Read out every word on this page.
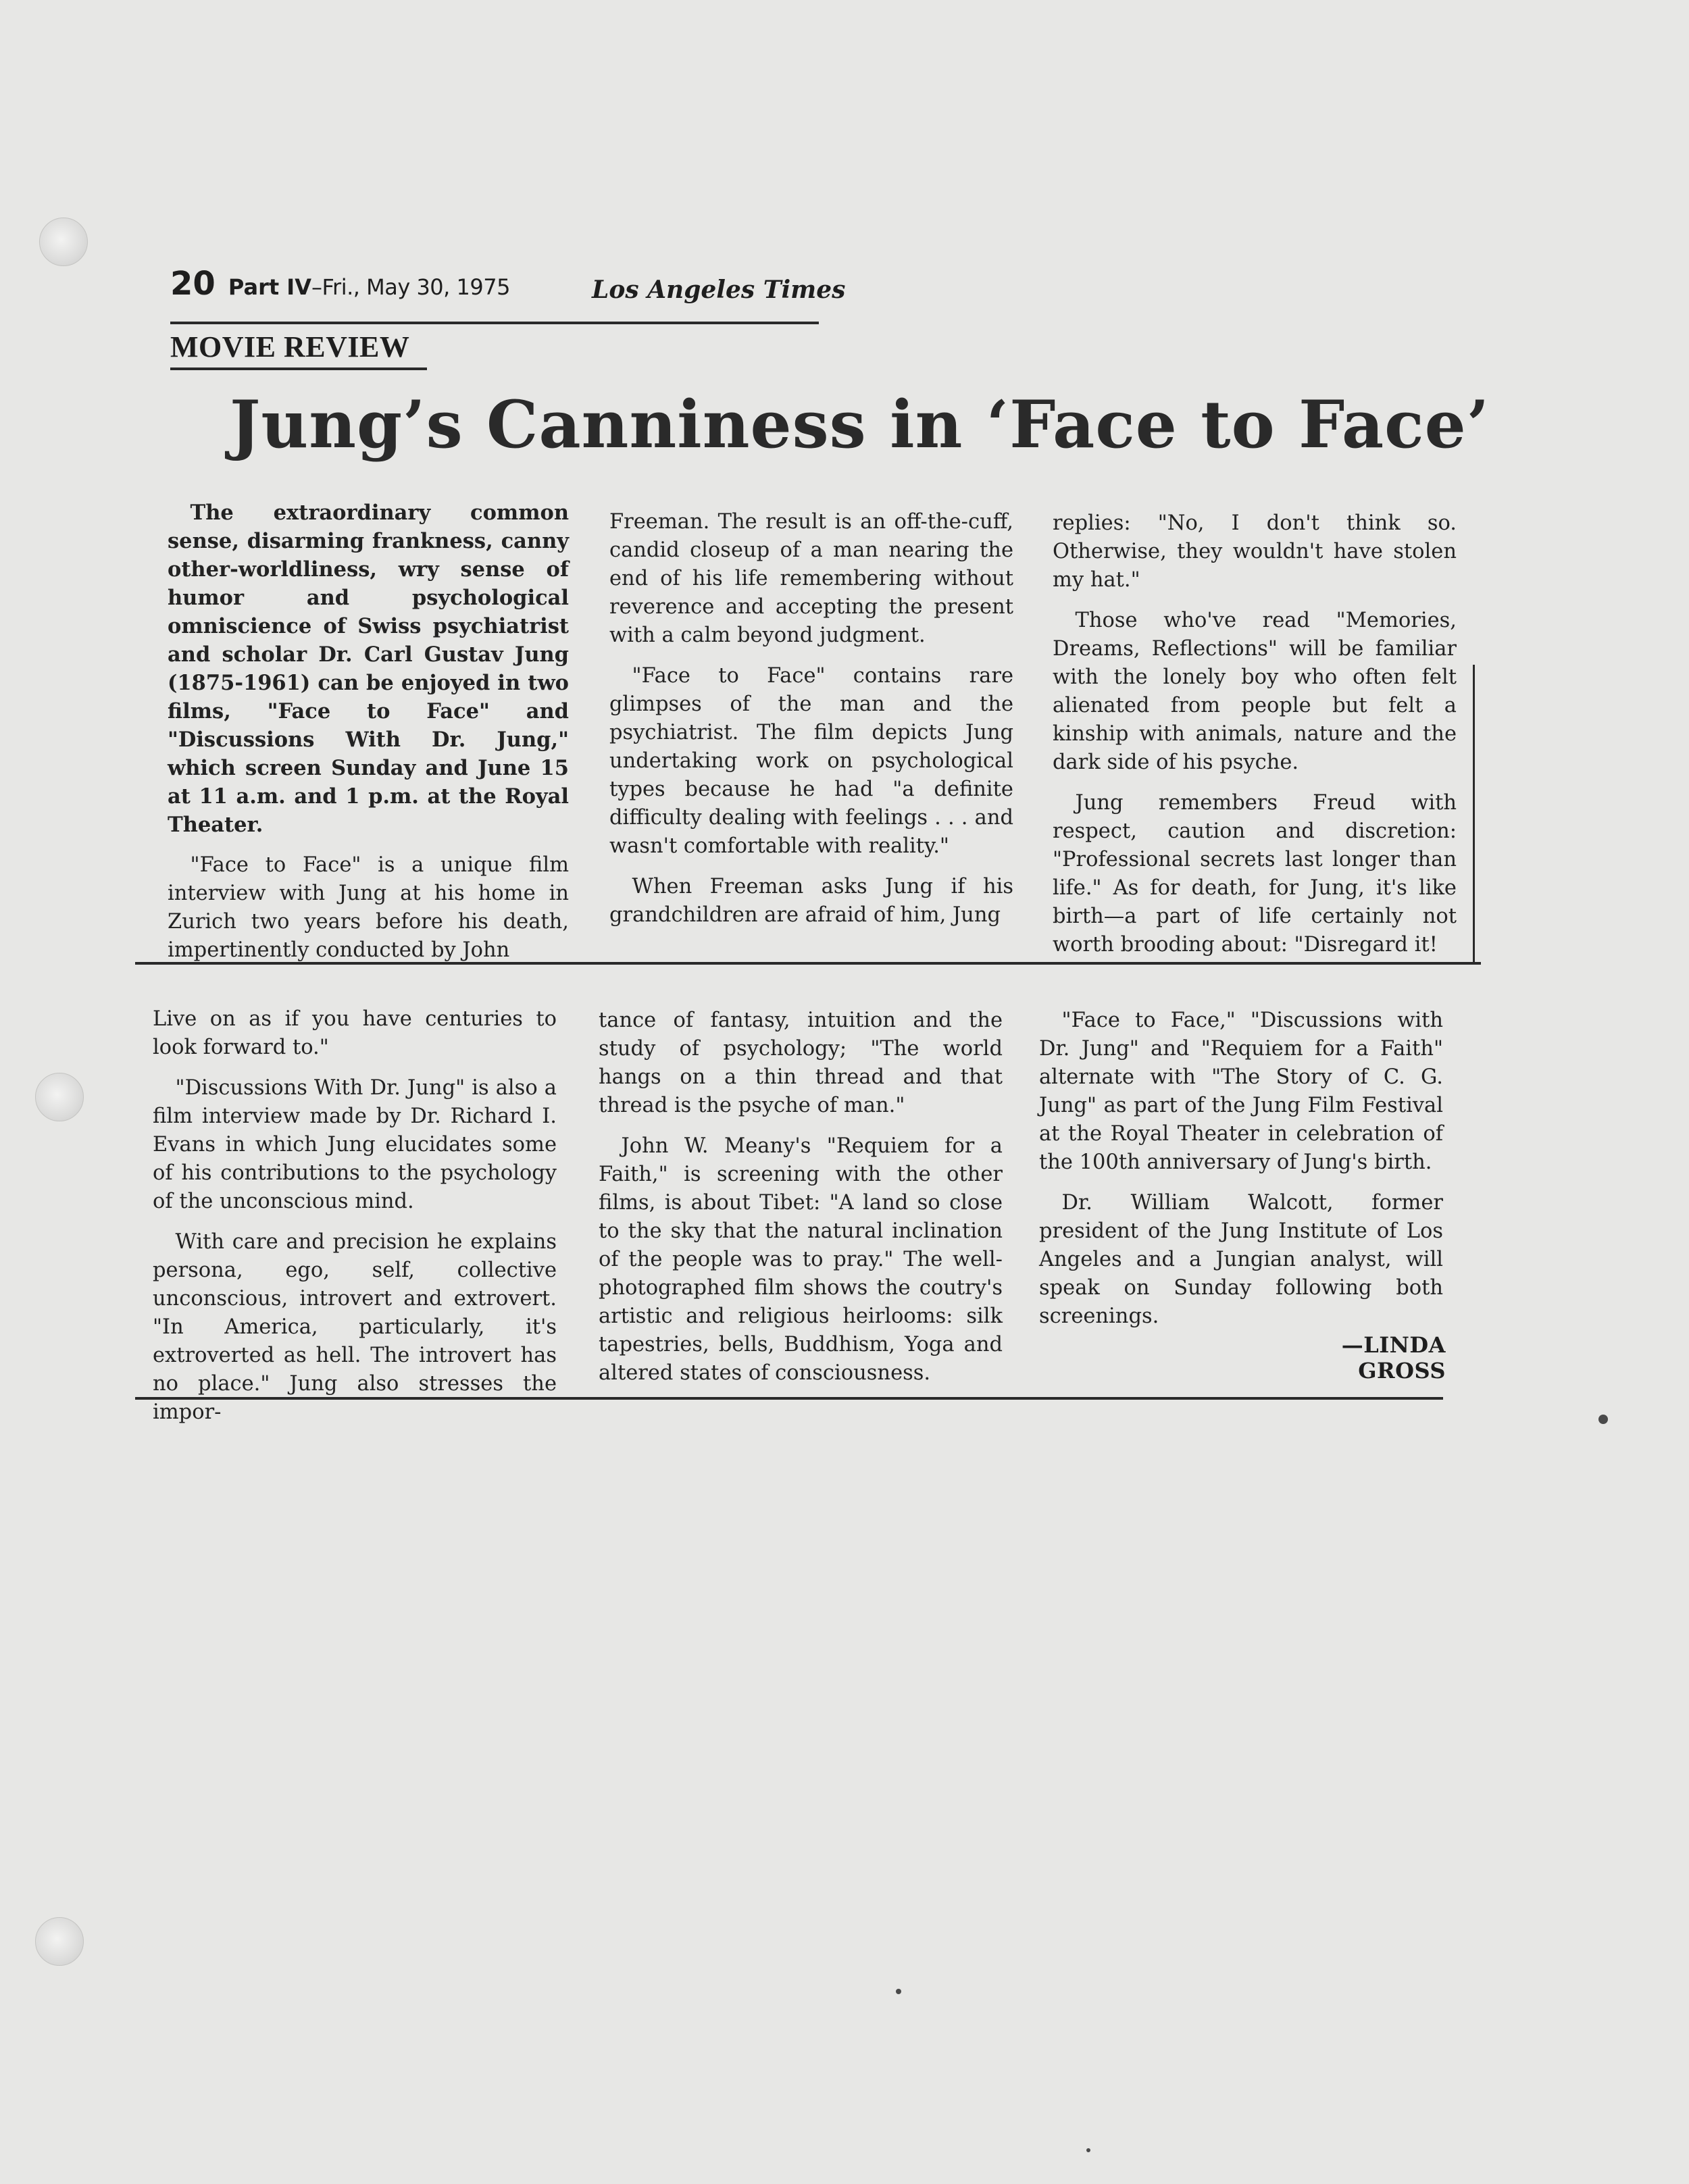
20 Part IV–Fri., May 30, 1975	Los Angeles Times
MOVIE REVIEW
Jung’s Canniness in ‘Face to Face’

The extraordinary common sense, disarming frankness, canny other-worldliness, wry sense of humor and psychological omniscience of Swiss psychiatrist and scholar Dr. Carl Gustav Jung (1875-1961) can be enjoyed in two films, "Face to Face" and "Discussions With Dr. Jung," which screen Sunday and June 15 at 11 a.m. and 1 p.m. at the Royal Theater.

"Face to Face" is a unique film interview with Jung at his home in Zurich two years before his death, impertinently conducted by John

Freeman. The result is an off-the-cuff, candid closeup of a man nearing the end of his life remembering without reverence and accepting the present with a calm beyond judgment.

"Face to Face" contains rare glimpses of the man and the psychiatrist. The film depicts Jung undertaking work on psychological types because he had "a definite difficulty dealing with feelings . . . and wasn't comfortable with reality."

When Freeman asks Jung if his grandchildren are afraid of him, Jung

replies: "No, I don't think so. Otherwise, they wouldn't have stolen my hat."

Those who've read "Memories, Dreams, Reflections" will be familiar with the lonely boy who often felt alienated from people but felt a kinship with animals, nature and the dark side of his psyche.

Jung remembers Freud with respect, caution and discretion: "Professional secrets last longer than life." As for death, for Jung, it's like birth—a part of life certainly not worth brooding about: "Disregard it!

Live on as if you have centuries to look forward to."

"Discussions With Dr. Jung" is also a film interview made by Dr. Richard I. Evans in which Jung elucidates some of his contributions to the psychology of the unconscious mind.

With care and precision he explains persona, ego, self, collective unconscious, introvert and extrovert. "In America, particularly, it's extroverted as hell. The introvert has no place." Jung also stresses the impor-

tance of fantasy, intuition and the study of psychology; "The world hangs on a thin thread and that thread is the psyche of man."

John W. Meany's "Requiem for a Faith," is screening with the other films, is about Tibet: "A land so close to the sky that the natural inclination of the people was to pray." The well-photographed film shows the coutry's artistic and religious heirlooms: silk tapestries, bells, Buddhism, Yoga and altered states of consciousness.

"Face to Face," "Discussions with Dr. Jung" and "Requiem for a Faith" alternate with "The Story of C. G. Jung" as part of the Jung Film Festival at the Royal Theater in celebration of the 100th anniversary of Jung's birth.

Dr. William Walcott, former president of the Jung Institute of Los Angeles and a Jungian analyst, will speak on Sunday following both screenings.

—LINDA GROSS
